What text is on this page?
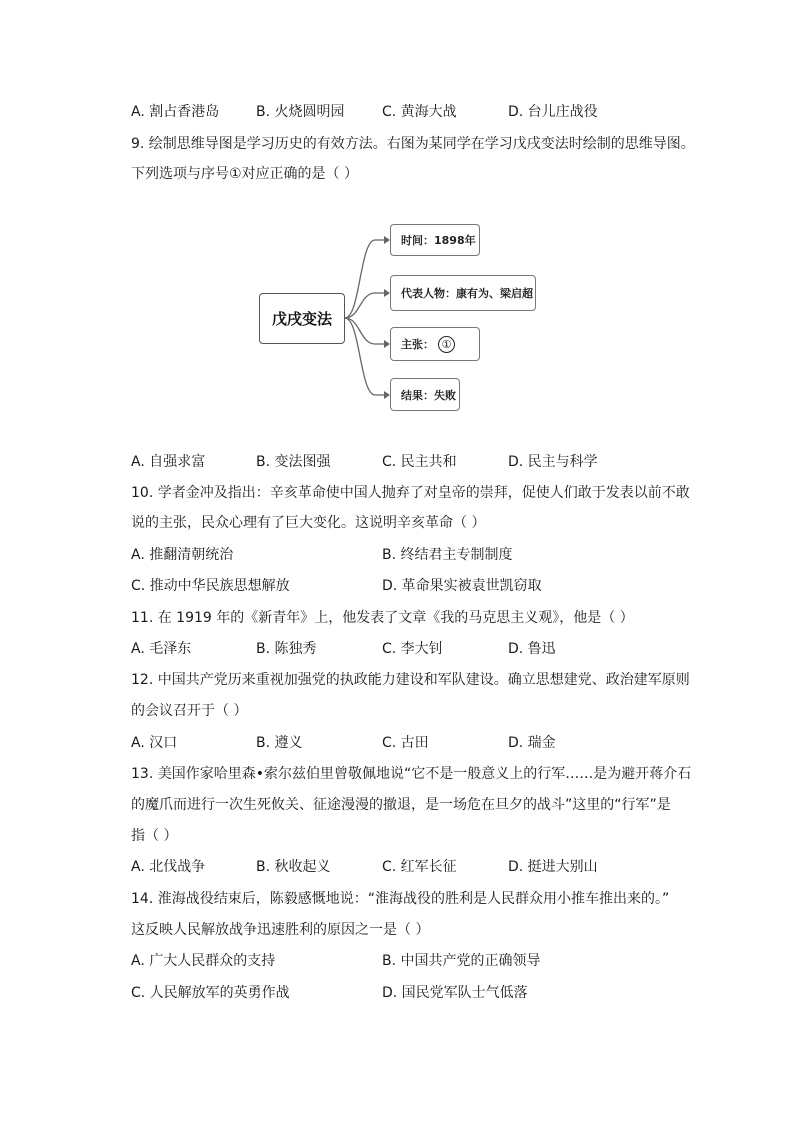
A. 割占香港岛	B. 火烧圆明园	C. 黄海大战	D. 台儿庄战役
9. 绘制思维导图是学习历史的有效方法。右图为某同学在学习戊戌变法时绘制的思维导图。
下列选项与序号①对应正确的是（ ）
戊戌变法
时间：1898年
代表人物：康有为、梁启超
主张： ①
结果：失败
A. 自强求富	B. 变法图强	C. 民主共和	D. 民主与科学
10. 学者金冲及指出：辛亥革命使中国人抛弃了对皇帝的崇拜，促使人们敢于发表以前不敢
说的主张，民众心理有了巨大变化。这说明辛亥革命（ ）
A. 推翻清朝统治	B. 终结君主专制制度
C. 推动中华民族思想解放	D. 革命果实被袁世凯窃取
11. 在 1919 年的《新青年》上，他发表了文章《我的马克思主义观》，他是（ ）
A. 毛泽东	B. 陈独秀	C. 李大钊	D. 鲁迅
12. 中国共产党历来重视加强党的执政能力建设和军队建设。确立思想建党、政治建军原则
的会议召开于（ ）
A. 汉口	B. 遵义	C. 古田	D. 瑞金
13. 美国作家哈里森•索尔兹伯里曾敬佩地说“它不是一般意义上的行军……是为避开蒋介石
的魔爪而进行一次生死攸关、征途漫漫的撤退，是一场危在旦夕的战斗”这里的“行军”是
指（ ）
A. 北伐战争	B. 秋收起义	C. 红军长征	D. 挺进大别山
14. 淮海战役结束后，陈毅感慨地说：“淮海战役的胜利是人民群众用小推车推出来的。”
这反映人民解放战争迅速胜利的原因之一是（ ）
A. 广大人民群众的支持	B. 中国共产党的正确领导
C. 人民解放军的英勇作战	D. 国民党军队士气低落
